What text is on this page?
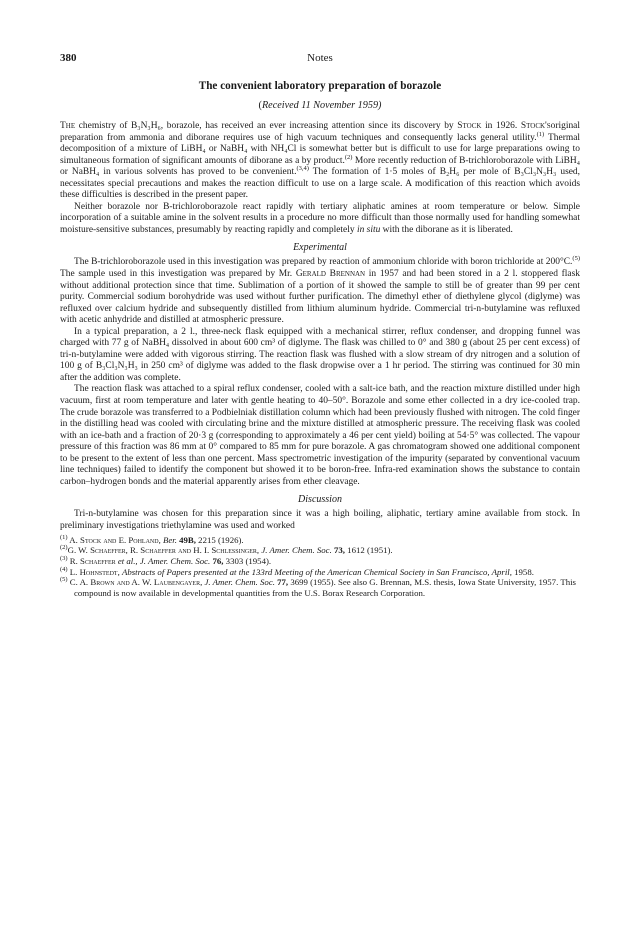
380	Notes
The convenient laboratory preparation of borazole
(Received 11 November 1959)

The chemistry of B₃N₃H₆, borazole, has received an ever increasing attention since its discovery by Stock in 1926. Stock'soriginal preparation from ammonia and diborane requires use of high vacuum techniques and consequently lacks general utility.$^{(1)}$ Thermal decomposition of a mixture of LiBH₄ or NaBH₄ with NH₄Cl is somewhat better but is difficult to use for large preparations owing to simultaneous formation of significant amounts of diborane as a by product.$^{(2)}$ More recently reduction of B-trichloroborazole with LiBH₄ or NaBH₄ in various solvents has proved to be convenient.$^{(3,4)}$ The formation of 1·5 moles of B₂H₆ per mole of B₃Cl₃N₃H₃ used, necessitates special precautions and makes the reaction difficult to use on a large scale. A modification of this reaction which avoids these difficulties is described in the present paper.

Neither borazole nor B-trichloroborazole react rapidly with tertiary aliphatic amines at room temperature or below. Simple incorporation of a suitable amine in the solvent results in a procedure no more difficult than those normally used for handling somewhat moisture-sensitive substances, presumably by reacting rapidly and completely in situ with the diborane as it is liberated.

Experimental

The B-trichloroborazole used in this investigation was prepared by reaction of ammonium chloride with boron trichloride at 200°C.$^{(5)}$ The sample used in this investigation was prepared by Mr. Gerald Brennan in 1957 and had been stored in a 2 l. stoppered flask without additional protection since that time. Sublimation of a portion of it showed the sample to still be of greater than 99 per cent purity. Commercial sodium borohydride was used without further purification. The dimethyl ether of diethylene glycol (diglyme) was refluxed over calcium hydride and subsequently distilled from lithium aluminum hydride. Commercial tri-n-butylamine was refluxed with acetic anhydride and distilled at atmospheric pressure.

In a typical preparation, a 2 l., three-neck flask equipped with a mechanical stirrer, reflux condenser, and dropping funnel was charged with 77 g of NaBH₄ dissolved in about 600 cm³ of diglyme. The flask was chilled to 0° and 380 g (about 25 per cent excess) of tri-n-butylamine were added with vigorous stirring. The reaction flask was flushed with a slow stream of dry nitrogen and a solution of 100 g of B₃Cl₃N₃H₃ in 250 cm³ of diglyme was added to the flask dropwise over a 1 hr period. The stirring was continued for 30 min after the addition was complete.

The reaction flask was attached to a spiral reflux condenser, cooled with a salt-ice bath, and the reaction mixture distilled under high vacuum, first at room temperature and later with gentle heating to 40–50°. Borazole and some ether collected in a dry ice-cooled trap. The crude borazole was transferred to a Podbielniak distillation column which had been previously flushed with nitrogen. The cold finger in the distilling head was cooled with circulating brine and the mixture distilled at atmospheric pressure. The receiving flask was cooled with an ice-bath and a fraction of 20·3 g (corresponding to approximately a 46 per cent yield) boiling at 54·5° was collected. The vapour pressure of this fraction was 86 mm at 0° compared to 85 mm for pure borazole. A gas chromatogram showed one additional component to be present to the extent of less than one percent. Mass spectrometric investigation of the impurity (separated by conventional vacuum line techniques) failed to identify the component but showed it to be boron-free. Infra-red examination shows the substance to contain carbon–hydrogen bonds and the material apparently arises from ether cleavage.

Discussion

Tri-n-butylamine was chosen for this preparation since it was a high boiling, aliphatic, tertiary amine available from stock. In preliminary investigations triethylamine was used and worked

$^{(1)}$ A. Stock and E. Pohland, Ber. 49B, 2215 (1926).
$^{(2)}$G. W. Schaeffer, R. Schaeffer and H. I. Schlessinger, J. Amer. Chem. Soc. 73, 1612 (1951).
$^{(3)}$ R. Schaeffer et al., J. Amer. Chem. Soc. 76, 3303 (1954).
$^{(4)}$ L. Hohnstedt, Abstracts of Papers presented at the 133rd Meeting of the American Chemical Society in San Francisco, April, 1958.
$^{(5)}$ C. A. Brown and A. W. Laubengayer, J. Amer. Chem. Soc. 77, 3699 (1955). See also G. Brennan, M.S. thesis, Iowa State University, 1957. This compound is now available in developmental quantities from the U.S. Borax Research Corporation.
